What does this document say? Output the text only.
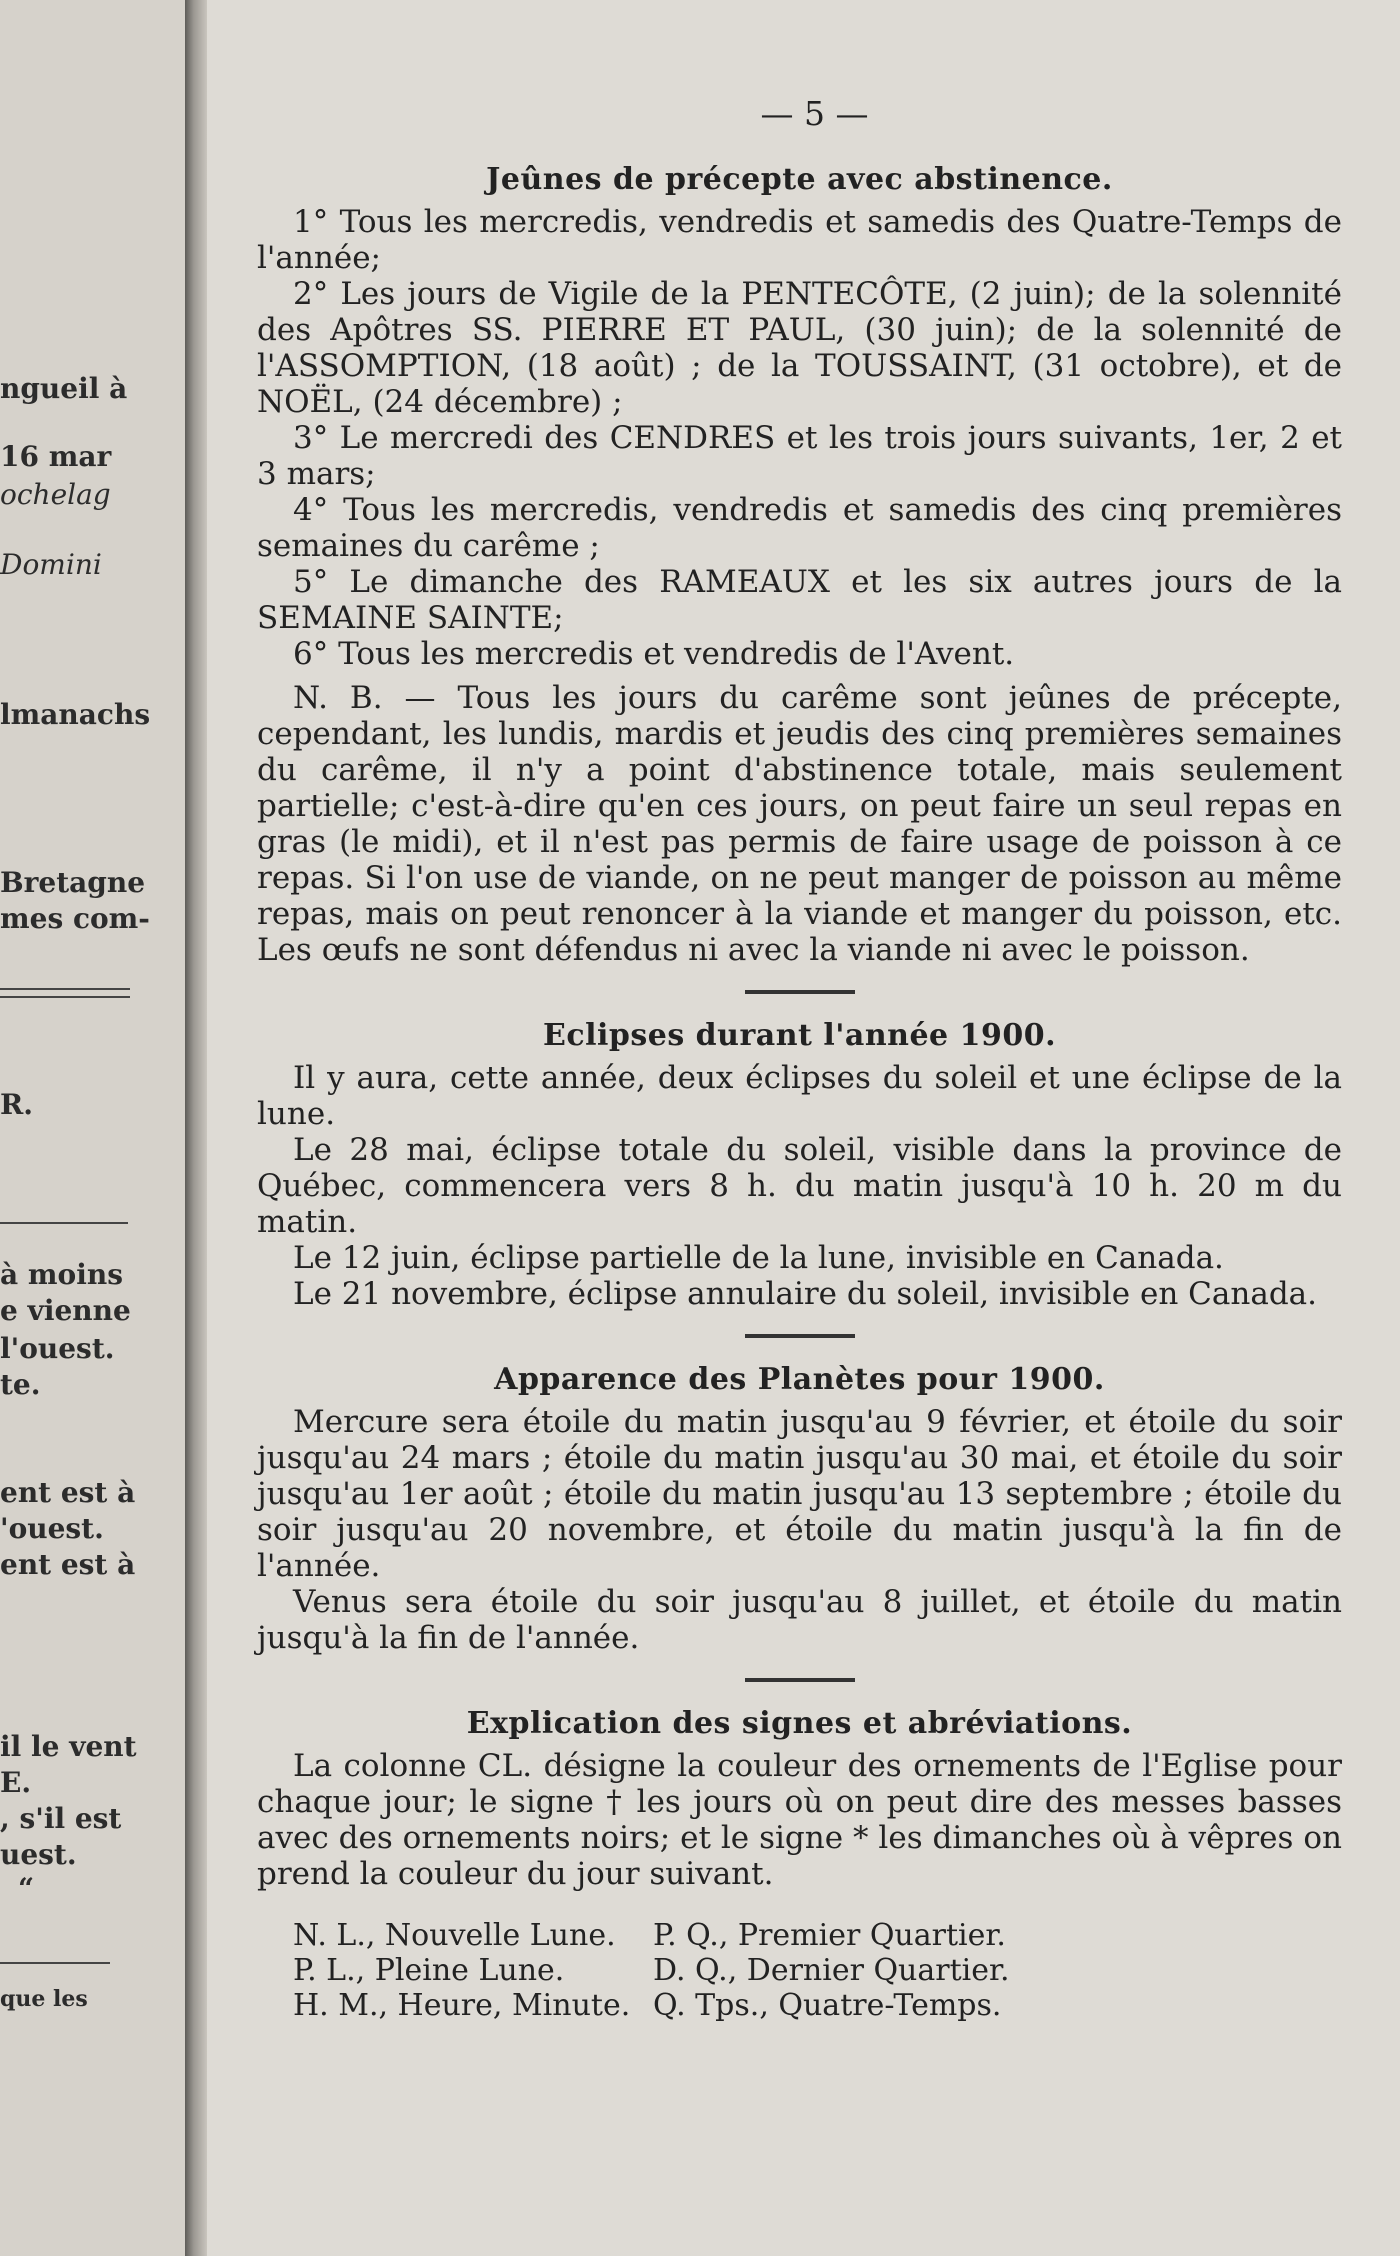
ngueil à
16 mar
ochelag
Domini
lmanachs
Bretagne
mes com-
R.
à moins
e vienne
l'ouest.
te.
ent est à
'ouest.
ent est à
il le vent
E.
, s'il est
uest.
“
que les
— 5 —
Jeûnes de précepte avec abstinence.

1° Tous les mercredis, vendredis et samedis des Quatre-Temps de l'année;

2° Les jours de Vigile de la PENTECÔTE, (2 juin); de la solennité des Apôtres SS. PIERRE ET PAUL, (30 juin); de la solennité de l'ASSOMPTION, (18 août) ; de la TOUSSAINT, (31 octobre), et de NOËL, (24 décembre) ;

3° Le mercredi des CENDRES et les trois jours suivants, 1er, 2 et 3 mars;

4° Tous les mercredis, vendredis et samedis des cinq premières semaines du carême ;

5° Le dimanche des RAMEAUX et les six autres jours de la SEMAINE SAINTE;

6° Tous les mercredis et vendredis de l'Avent.

N. B. — Tous les jours du carême sont jeûnes de précepte, cependant, les lundis, mardis et jeudis des cinq premières semaines du carême, il n'y a point d'abstinence totale, mais seulement partielle; c'est-à-dire qu'en ces jours, on peut faire un seul repas en gras (le midi), et il n'est pas permis de faire usage de poisson à ce repas. Si l'on use de viande, on ne peut manger de poisson au même repas, mais on peut renoncer à la viande et manger du poisson, etc. Les œufs ne sont défendus ni avec la viande ni avec le poisson.

Eclipses durant l'année 1900.

Il y aura, cette année, deux éclipses du soleil et une éclipse de la lune.

Le 28 mai, éclipse totale du soleil, visible dans la province de Québec, commencera vers 8 h. du matin jusqu'à 10 h. 20 m du matin.

Le 12 juin, éclipse partielle de la lune, invisible en Canada.

Le 21 novembre, éclipse annulaire du soleil, invisible en Canada.

Apparence des Planètes pour 1900.

Mercure sera étoile du matin jusqu'au 9 février, et étoile du soir jusqu'au 24 mars ; étoile du matin jusqu'au 30 mai, et étoile du soir jusqu'au 1er août ; étoile du matin jusqu'au 13 septembre ; étoile du soir jusqu'au 20 novembre, et étoile du matin jusqu'à la fin de l'année.

Venus sera étoile du soir jusqu'au 8 juillet, et étoile du matin jusqu'à la fin de l'année.

Explication des signes et abréviations.

La colonne CL. désigne la couleur des ornements de l'Eglise pour chaque jour; le signe † les jours où on peut dire des messes basses avec des ornements noirs; et le signe * les dimanches où à vêpres on prend la couleur du jour suivant.

N. L., Nouvelle Lune.	P. Q., Premier Quartier.
P. L., Pleine Lune.	D. Q., Dernier Quartier.
H. M., Heure, Minute. Q. Tps., Quatre-Temps.
